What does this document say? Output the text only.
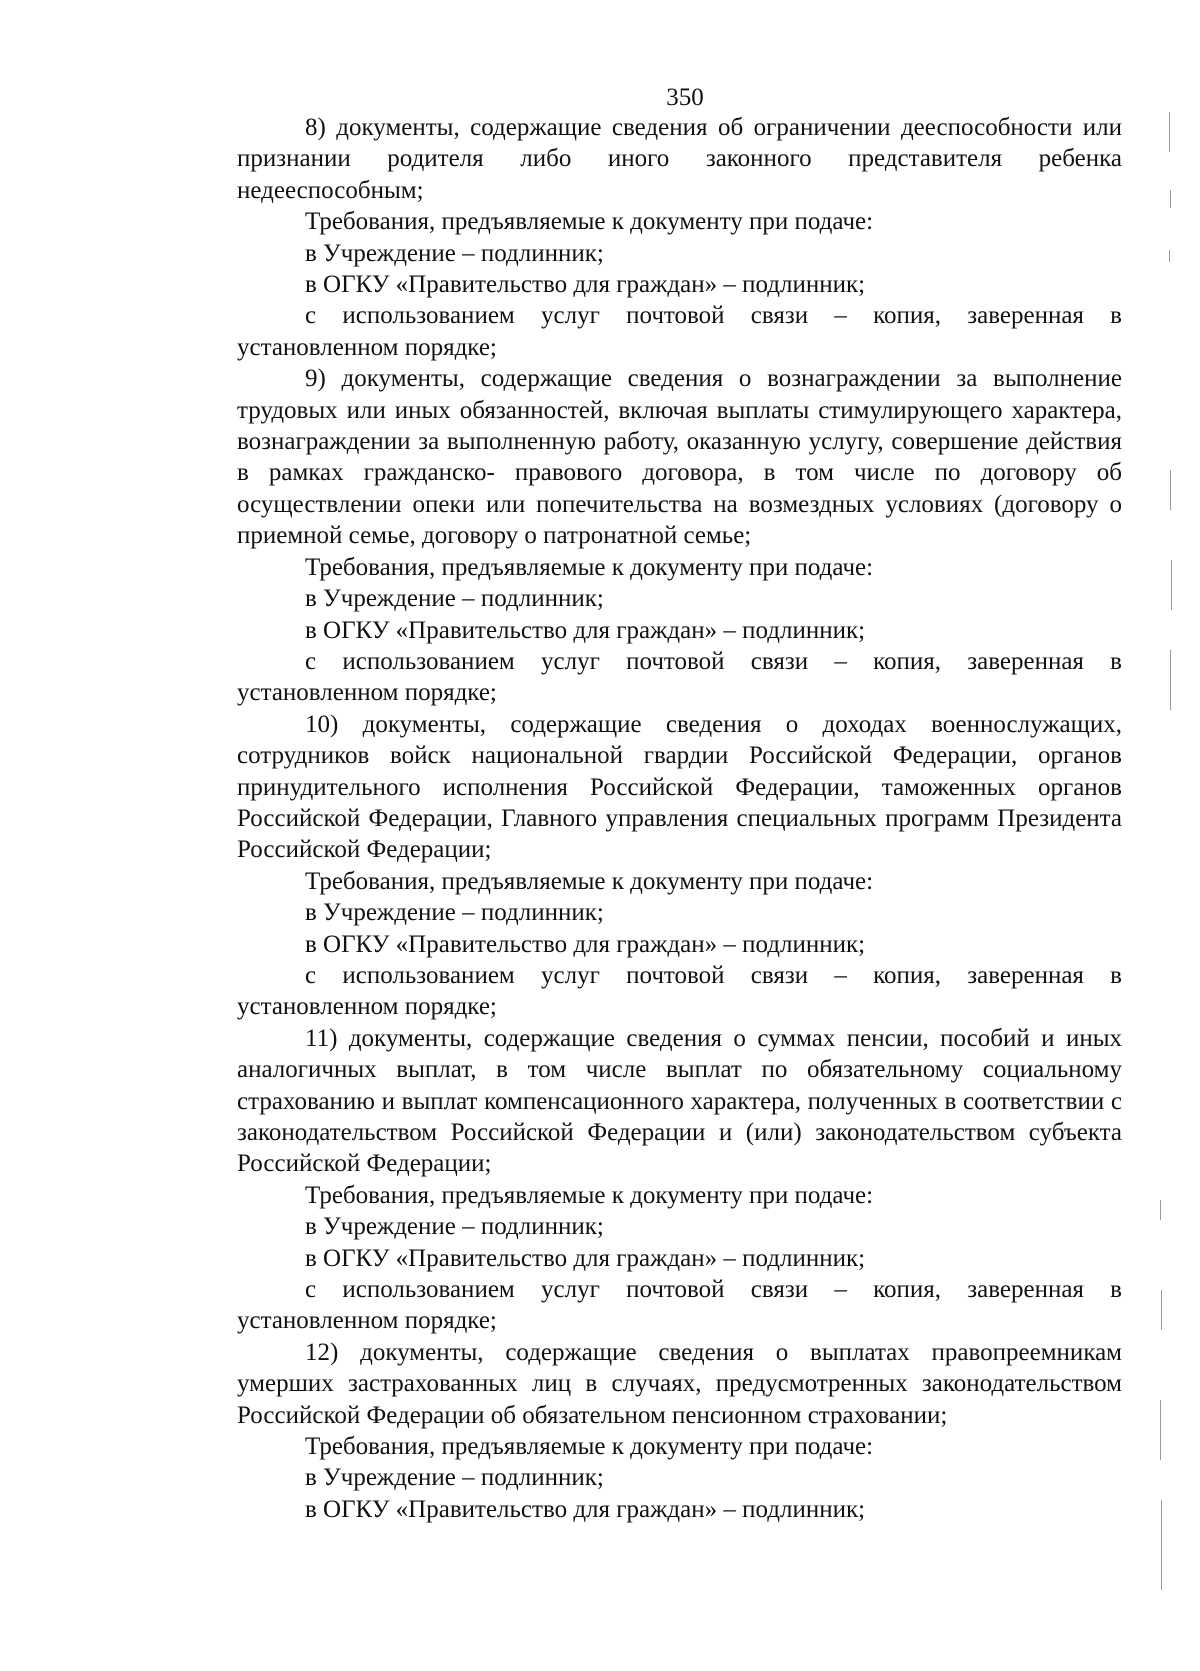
350

8) документы, содержащие сведения об ограничении дееспособности или признании родителя либо иного законного представителя ребенка недееспособным;

Требования, предъявляемые к документу при подаче:

в Учреждение – подлинник;

в ОГКУ «Правительство для граждан» – подлинник;

с использованием услуг почтовой связи – копия, заверенная в установленном порядке;

9) документы, содержащие сведения о вознаграждении за выполнение трудовых или иных обязанностей, включая выплаты стимулирующего характера, вознаграждении за выполненную работу, оказанную услугу, совершение действия в рамках гражданско- правового договора, в том числе по договору об осуществлении опеки или попечительства на возмездных условиях (договору о приемной семье, договору о патронатной семье;

Требования, предъявляемые к документу при подаче:

в Учреждение – подлинник;

в ОГКУ «Правительство для граждан» – подлинник;

с использованием услуг почтовой связи – копия, заверенная в установленном порядке;

10) документы, содержащие сведения о доходах военнослужащих, сотрудников войск национальной гвардии Российской Федерации, органов принудительного исполнения Российской Федерации, таможенных органов Российской Федерации, Главного управления специальных программ Президента Российской Федерации;

Требования, предъявляемые к документу при подаче:

в Учреждение – подлинник;

в ОГКУ «Правительство для граждан» – подлинник;

с использованием услуг почтовой связи – копия, заверенная в установленном порядке;

11) документы, содержащие сведения о суммах пенсии, пособий и иных аналогичных выплат, в том числе выплат по обязательному социальному страхованию и выплат компенсационного характера, полученных в соответствии с законодательством Российской Федерации и (или) законодательством субъекта Российской Федерации;

Требования, предъявляемые к документу при подаче:

в Учреждение – подлинник;

в ОГКУ «Правительство для граждан» – подлинник;

с использованием услуг почтовой связи – копия, заверенная в установленном порядке;

12) документы, содержащие сведения о выплатах правопреемникам умерших застрахованных лиц в случаях, предусмотренных законодательством Российской Федерации об обязательном пенсионном страховании;

Требования, предъявляемые к документу при подаче:

в Учреждение – подлинник;

в ОГКУ «Правительство для граждан» – подлинник;
